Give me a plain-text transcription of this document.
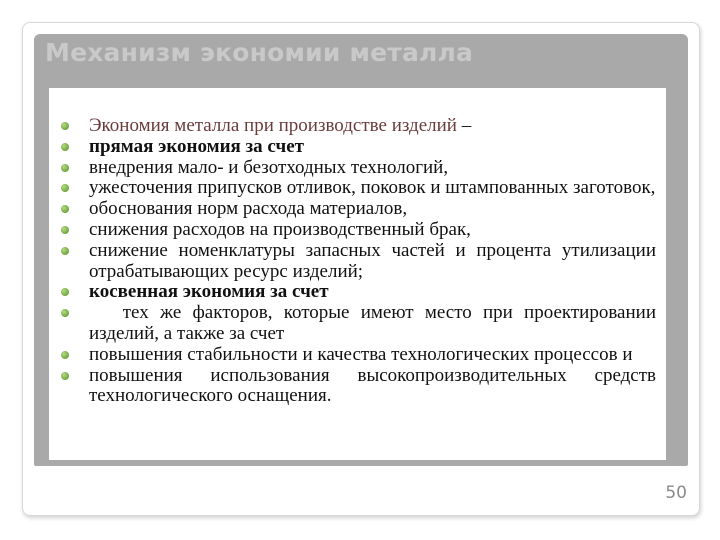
Механизм экономии металла
Экономия металла при производстве изделий –
прямая экономия за счет
внедрения мало- и безотходных технологий,
ужесточения припусков отливок, поковок и штампованных заготовок,
обоснования норм расхода материалов,
снижения расходов на производственный брак,
снижение номенклатуры запасных частей и процента утилизации отрабатывающих ресурс изделий;
косвенная экономия за счет
тех же факторов, которые имеют место при проектировании изделий, а также за счет
повышения стабильности и качества технологических процессов и
повышения использования высокопроизводительных средств технологического оснащения.
50
